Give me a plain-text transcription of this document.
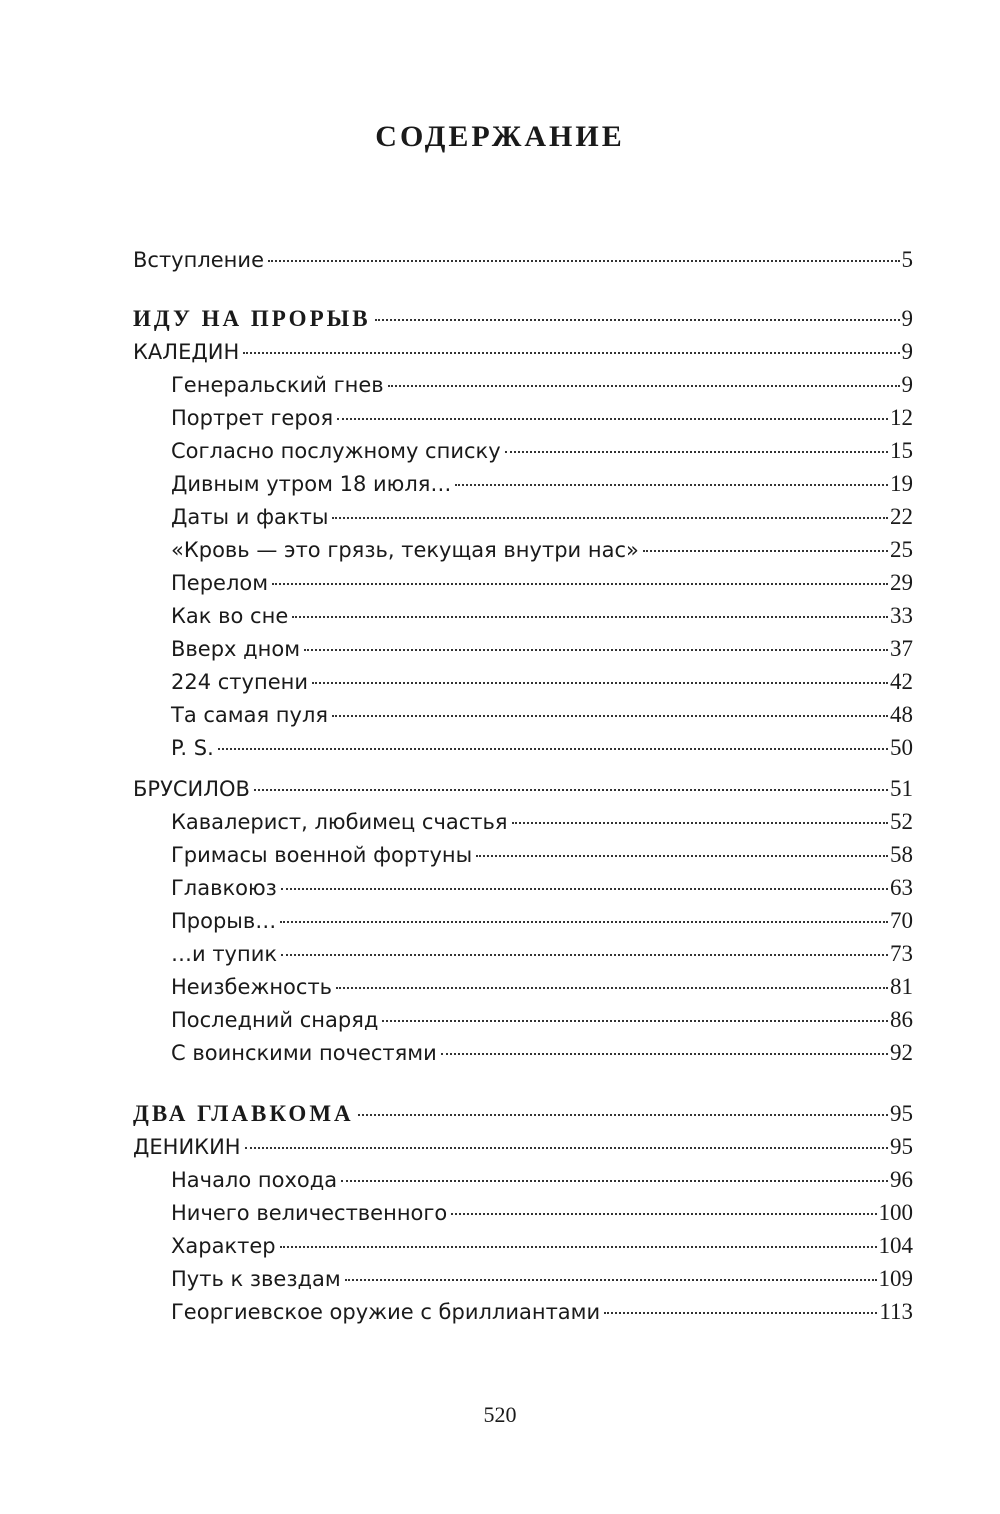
СОДЕРЖАНИЕ
Вступление	5
ИДУ НА ПРОРЫВ	9
КАЛЕДИН	9
Генеральский гнев	9
Портрет героя	12
Согласно послужному списку	15
Дивным утром 18 июля…	19
Даты и факты	22
«Кровь — это грязь, текущая внутри нас»	25
Перелом	29
Как во сне	33
Вверх дном	37
224 ступени	42
Та самая пуля	48
P. S.	50
БРУСИЛОВ	51
Кавалерист, любимец счастья	52
Гримасы военной фортуны	58
Главкоюз	63
Прорыв…	70
…и тупик	73
Неизбежность	81
Последний снаряд	86
С воинскими почестями	92
ДВА ГЛАВКОМА	95
ДЕНИКИН	95
Начало похода	96
Ничего величественного	100
Характер	104
Путь к звездам	109
Георгиевское оружие с бриллиантами	113
520
